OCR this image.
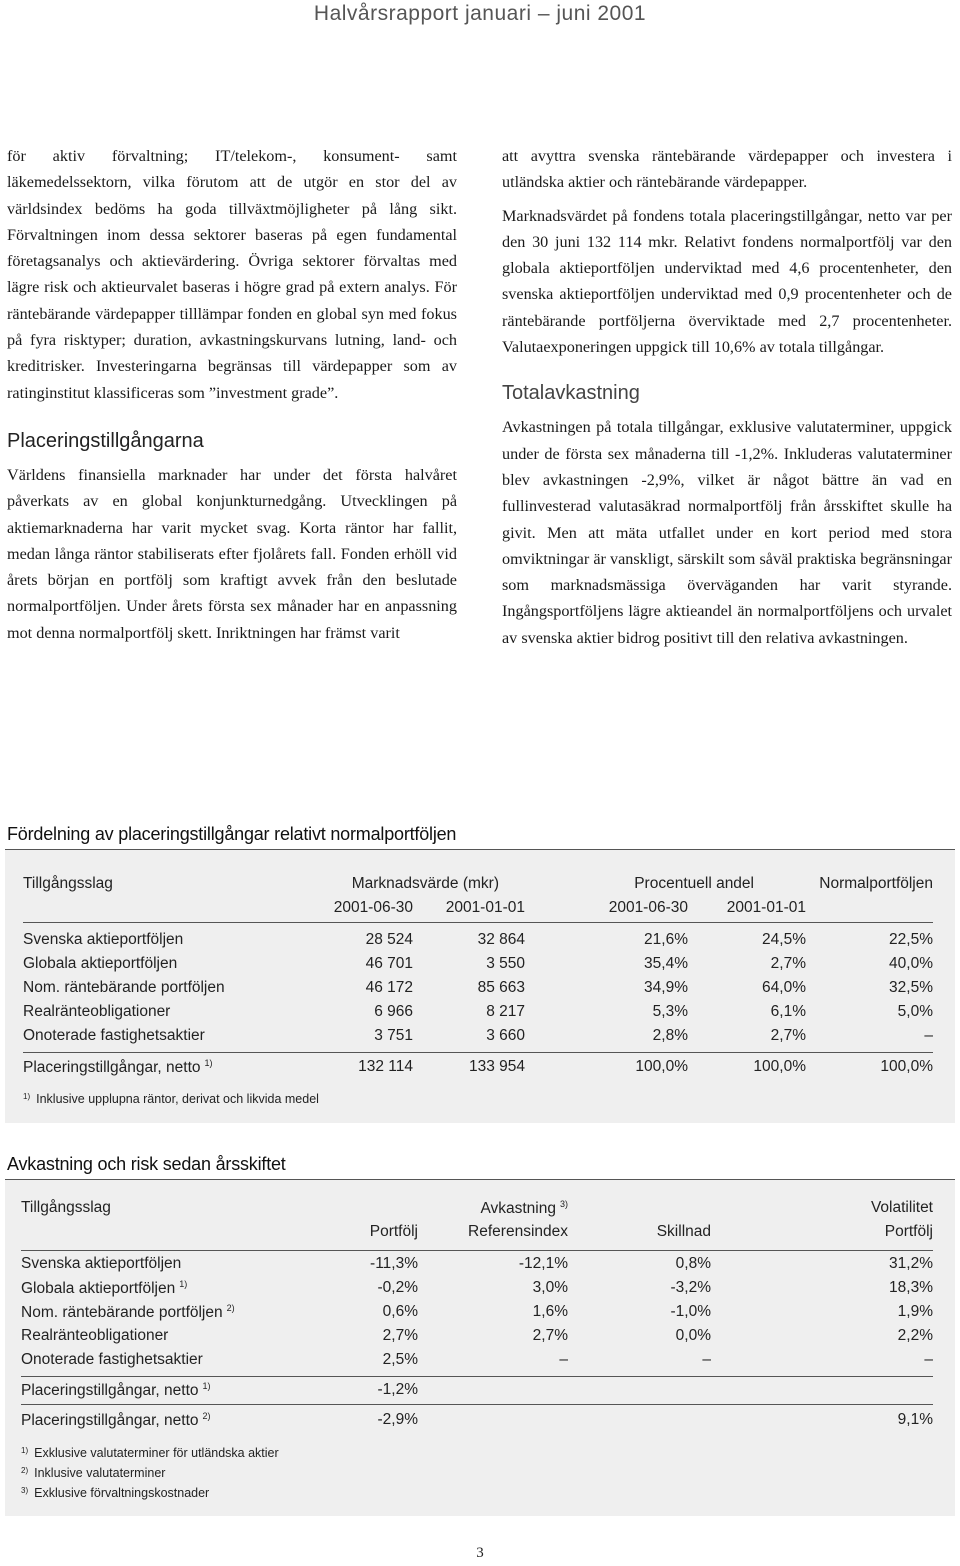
Halvårsrapport januari – juni 2001

för aktiv förvaltning; IT/telekom-, konsument- samt läkemedelssektorn, vilka förutom att de utgör en stor del av världsindex bedöms ha goda tillväxtmöjligheter på lång sikt. Förvaltningen inom dessa sektorer baseras på egen fundamental företagsanalys och aktievärdering. Övriga sektorer förvaltas med lägre risk och aktieurvalet baseras i högre grad på extern analys. För räntebärande värdepapper tilllämpar fonden en global syn med fokus på fyra risktyper; duration, avkastningskurvans lutning, land- och kreditrisker. Investeringarna begränsas till värdepapper som av ratinginstitut klassificeras som ”investment grade”.

Placeringstillgångarna

Världens finansiella marknader har under det första halvåret påverkats av en global konjunkturnedgång. Utvecklingen på aktiemarknaderna har varit mycket svag. Korta räntor har fallit, medan långa räntor stabiliserats efter fjolårets fall. Fonden erhöll vid årets början en portfölj som kraftigt avvek från den beslutade normalportföljen. Under årets första sex månader har en anpassning mot denna normalportfölj skett. Inriktningen har främst varit

att avyttra svenska räntebärande värdepapper och investera i utländska aktier och räntebärande värdepapper.

Marknadsvärdet på fondens totala placeringstillgångar, netto var per den 30 juni 132 114 mkr. Relativt fondens normalportfölj var den globala aktieportföljen underviktad med 4,6 procentenheter, den svenska aktieportföljen underviktad med 0,9 procentenheter och de räntebärande portföljerna överviktade med 2,7 procentenheter. Valutaexponeringen uppgick till 10,6% av totala tillgångar.

Totalavkastning

Avkastningen på totala tillgångar, exklusive valutaterminer, uppgick under de första sex månaderna till -1,2%. Inkluderas valutaterminer blev avkastningen -2,9%, vilket är något bättre än vad en fullinvesterad valutasäkrad normalportfölj från årsskiftet skulle ha givit. Men att mäta utfallet under en kort period med stora omviktningar är vanskligt, särskilt som såväl praktiska begränsningar som marknadsmässiga överväganden har varit styrande. Ingångsportföljens lägre aktieandel än normalportföljens och urvalet av svenska aktier bidrog positivt till den relativa avkastningen.

Fördelning av placeringstillgångar relativt normalportföljen
Tillgångsslag	Marknadsvärde (mkr)		Procentuell andel		Normalportföljen
	2001-06-30	2001-01-01	2001-06-30	2001-01-01	
Svenska aktieportföljen	28 524	32 864	21,6%	24,5%	22,5%
Globala aktieportföljen	46 701	3 550	35,4%	2,7%	40,0%
Nom. räntebärande portföljen	46 172	85 663	34,9%	64,0%	32,5%
Realränteobligationer	6 966	8 217	5,3%	6,1%	5,0%
Onoterade fastighetsaktier	3 751	3 660	2,8%	2,7%	–
Placeringstillgångar, netto $^{1)}$	132 114	133 954	100,0%	100,0%	100,0%
$^{1)}$ Inklusive upplupna räntor, derivat och likvida medel
Avkastning och risk sedan årsskiftet
Tillgångsslag		Avkastning $^{3)}$		Volatilitet
	Portfölj	Referensindex	Skillnad	Portfölj
Svenska aktieportföljen	-11,3%	-12,1%	0,8%	31,2%
Globala aktieportföljen $^{1)}$	-0,2%	3,0%	-3,2%	18,3%
Nom. räntebärande portföljen $^{2)}$	0,6%	1,6%	-1,0%	1,9%
Realränteobligationer	2,7%	2,7%	0,0%	2,2%
Onoterade fastighetsaktier	2,5%	–	–	–
Placeringstillgångar, netto $^{1)}$	-1,2%			
Placeringstillgångar, netto $^{2)}$	-2,9%			9,1%
$^{1)}$ Exklusive valutaterminer för utländska aktier
$^{2)}$ Inklusive valutaterminer
$^{3)}$ Exklusive förvaltningskostnader
3
